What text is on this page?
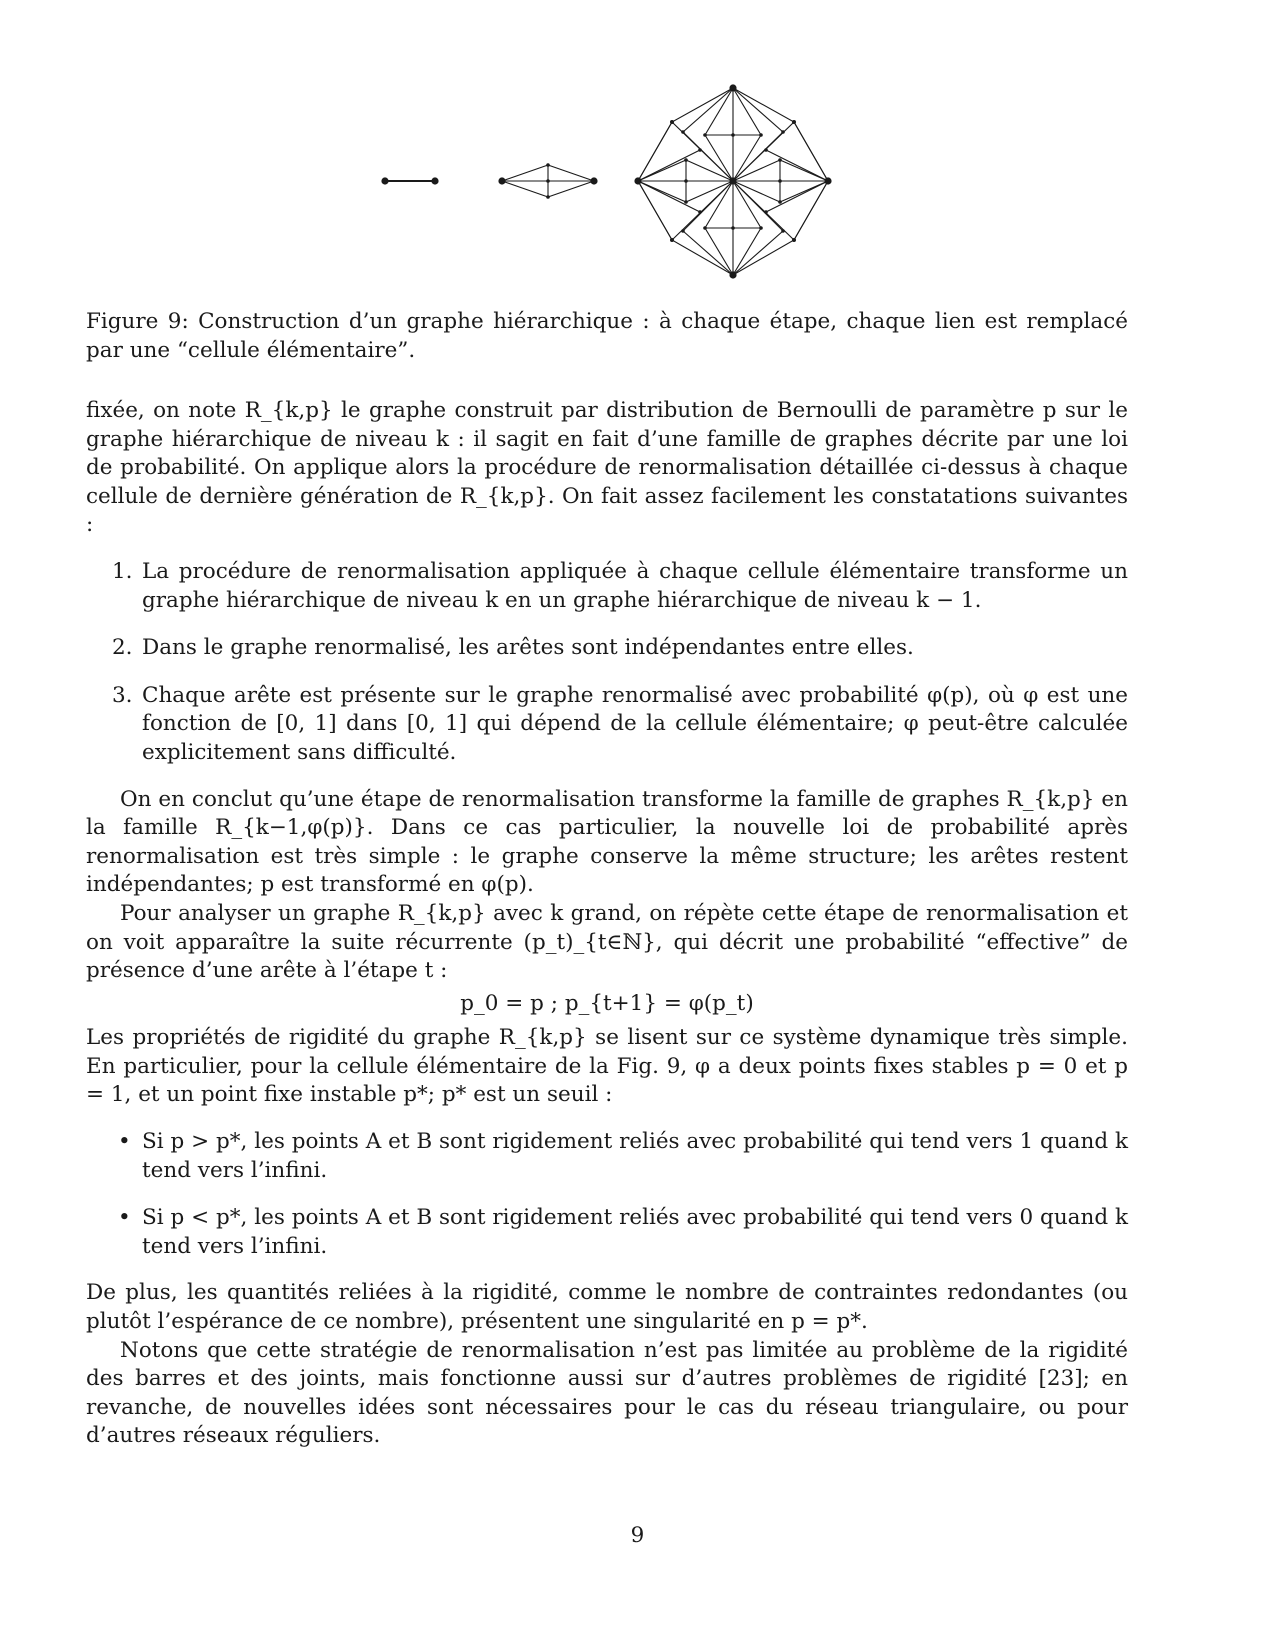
Figure 9: Construction d’un graphe hiérarchique : à chaque étape, chaque lien est remplacé par une “cellule élémentaire”.

fixée, on note R_{k,p} le graphe construit par distribution de Bernoulli de paramètre p sur le graphe hiérarchique de niveau k : il sagit en fait d’une famille de graphes décrite par une loi de probabilité. On applique alors la procédure de renormalisation détaillée ci-dessus à chaque cellule de dernière génération de R_{k,p}. On fait assez facilement les constatations suivantes :

1. La procédure de renormalisation appliquée à chaque cellule élémentaire transforme un graphe hiérarchique de niveau k en un graphe hiérarchique de niveau k − 1.
2. Dans le graphe renormalisé, les arêtes sont indépendantes entre elles.
3. Chaque arête est présente sur le graphe renormalisé avec probabilité φ(p), où φ est une fonction de [0, 1] dans [0, 1] qui dépend de la cellule élémentaire; φ peut-être calculée explicitement sans difficulté.

On en conclut qu’une étape de renormalisation transforme la famille de graphes R_{k,p} en la famille R_{k−1,φ(p)}. Dans ce cas particulier, la nouvelle loi de probabilité après renormalisation est très simple : le graphe conserve la même structure; les arêtes restent indépendantes; p est transformé en φ(p).

Pour analyser un graphe R_{k,p} avec k grand, on répète cette étape de renormalisation et on voit apparaître la suite récurrente (p_t)_{t∈ℕ}, qui décrit une probabilité “effective” de présence d’une arête à l’étape t :

p_0 = p ; p_{t+1} = φ(p_t)

Les propriétés de rigidité du graphe R_{k,p} se lisent sur ce système dynamique très simple. En particulier, pour la cellule élémentaire de la Fig. 9, φ a deux points fixes stables p = 0 et p = 1, et un point fixe instable p*; p* est un seuil :

• Si p > p*, les points A et B sont rigidement reliés avec probabilité qui tend vers 1 quand k tend vers l’infini.
• Si p < p*, les points A et B sont rigidement reliés avec probabilité qui tend vers 0 quand k tend vers l’infini.

De plus, les quantités reliées à la rigidité, comme le nombre de contraintes redondantes (ou plutôt l’espérance de ce nombre), présentent une singularité en p = p*.

Notons que cette stratégie de renormalisation n’est pas limitée au problème de la rigidité des barres et des joints, mais fonctionne aussi sur d’autres problèmes de rigidité [23]; en revanche, de nouvelles idées sont nécessaires pour le cas du réseau triangulaire, ou pour d’autres réseaux réguliers.

9
